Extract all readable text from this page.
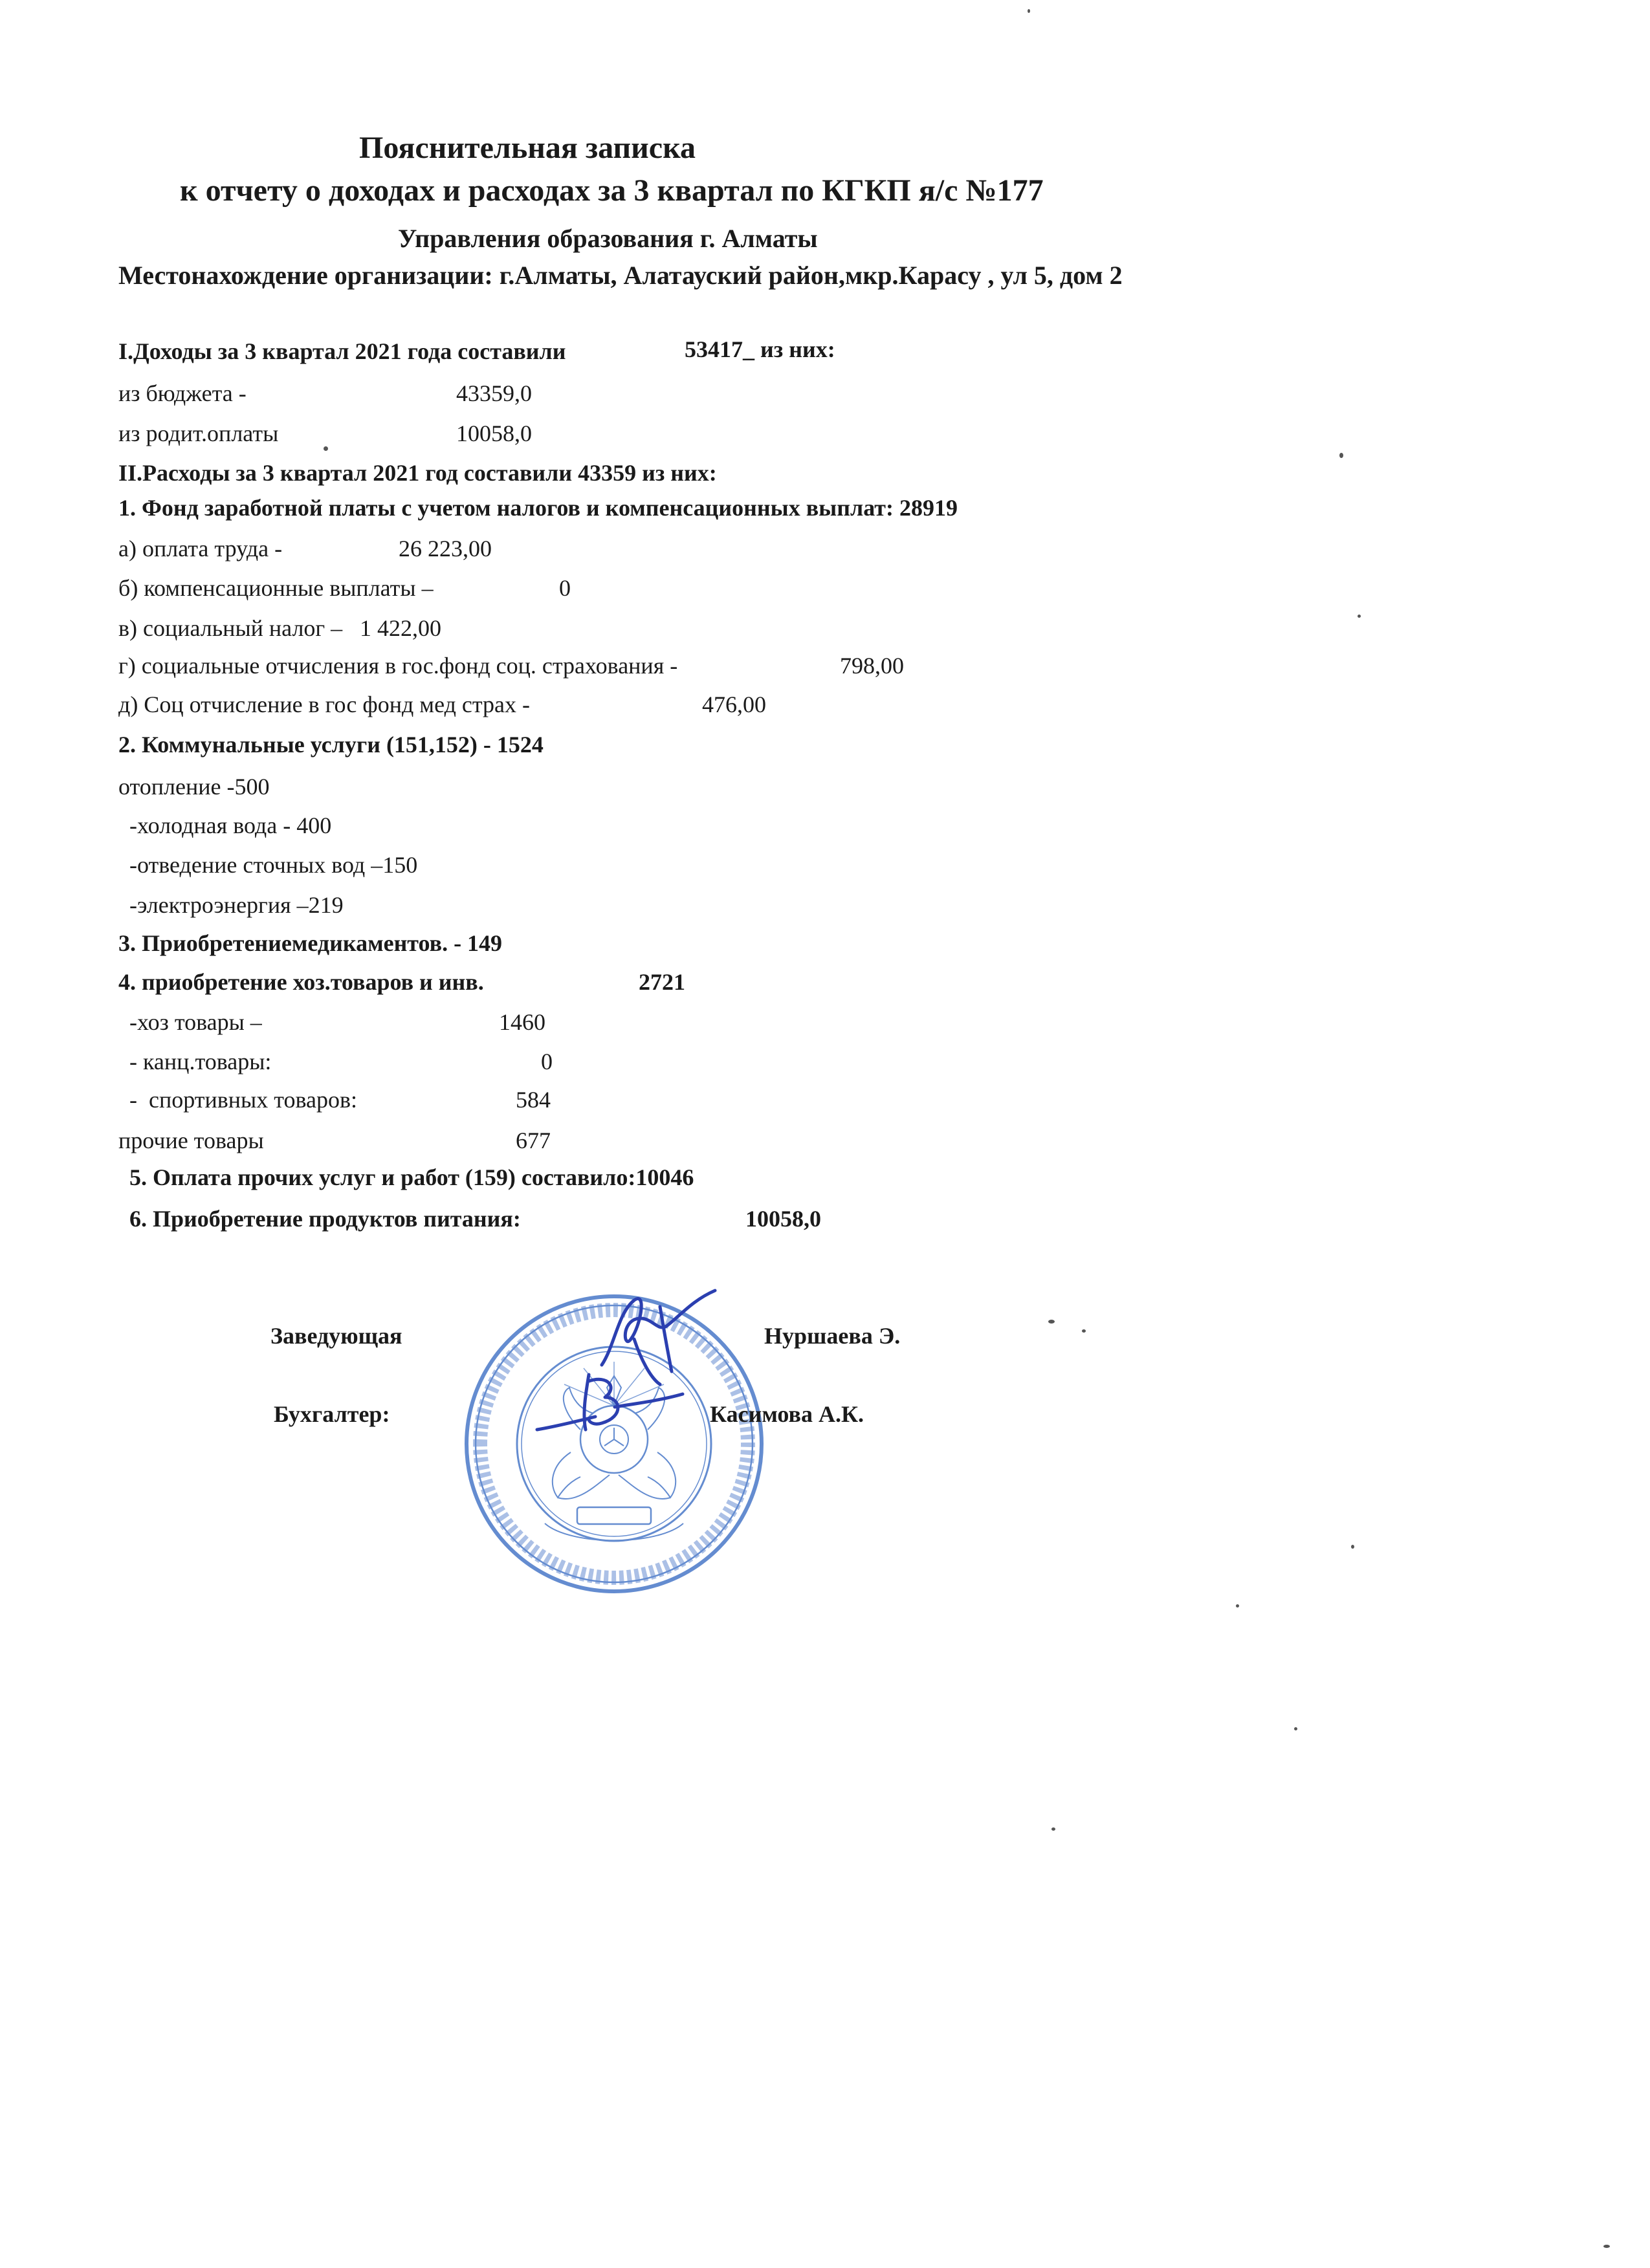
Пояснительная записка
к отчету о доходах и расходах за 3 квартал по КГКП я/с №177
Управления образования г. Алматы
Местонахождение организации: г.Алматы, Алатауский район,мкр.Карасу , ул 5, дом 2
I.Доходы за 3 квартал 2021 года составили	53417_ из них:
из бюджета -	43359,0
из родит.оплаты	10058,0
II.Расходы за 3 квартал 2021 год составили 43359 из них:
1. Фонд заработной платы с учетом налогов и компенсационных выплат: 28919
а) оплата труда -	26 223,00
б) компенсационные выплаты –	0
в) социальный налог – 1 422,00
г) социальные отчисления в гос.фонд соц. страхования -	798,00
д) Соц отчисление в гос фонд мед страх -	476,00
2. Коммунальные услуги (151,152) - 1524
отопление -500
-холодная вода - 400
-отведение сточных вод –150
-электроэнергия –219
3. Приобретениемедикаментов. - 149
4. приобретение хоз.товаров и инв.	2721
-хоз товары –	1460
- канц.товары:	0
-  спортивных товаров:	584
прочие товары	677
5. Оплата прочих услуг и работ (159) составило:10046
6. Приобретение продуктов питания:	10058,0
Заведующая	Нуршаева Э.
Бухгалтер:	Касимова А.К.
